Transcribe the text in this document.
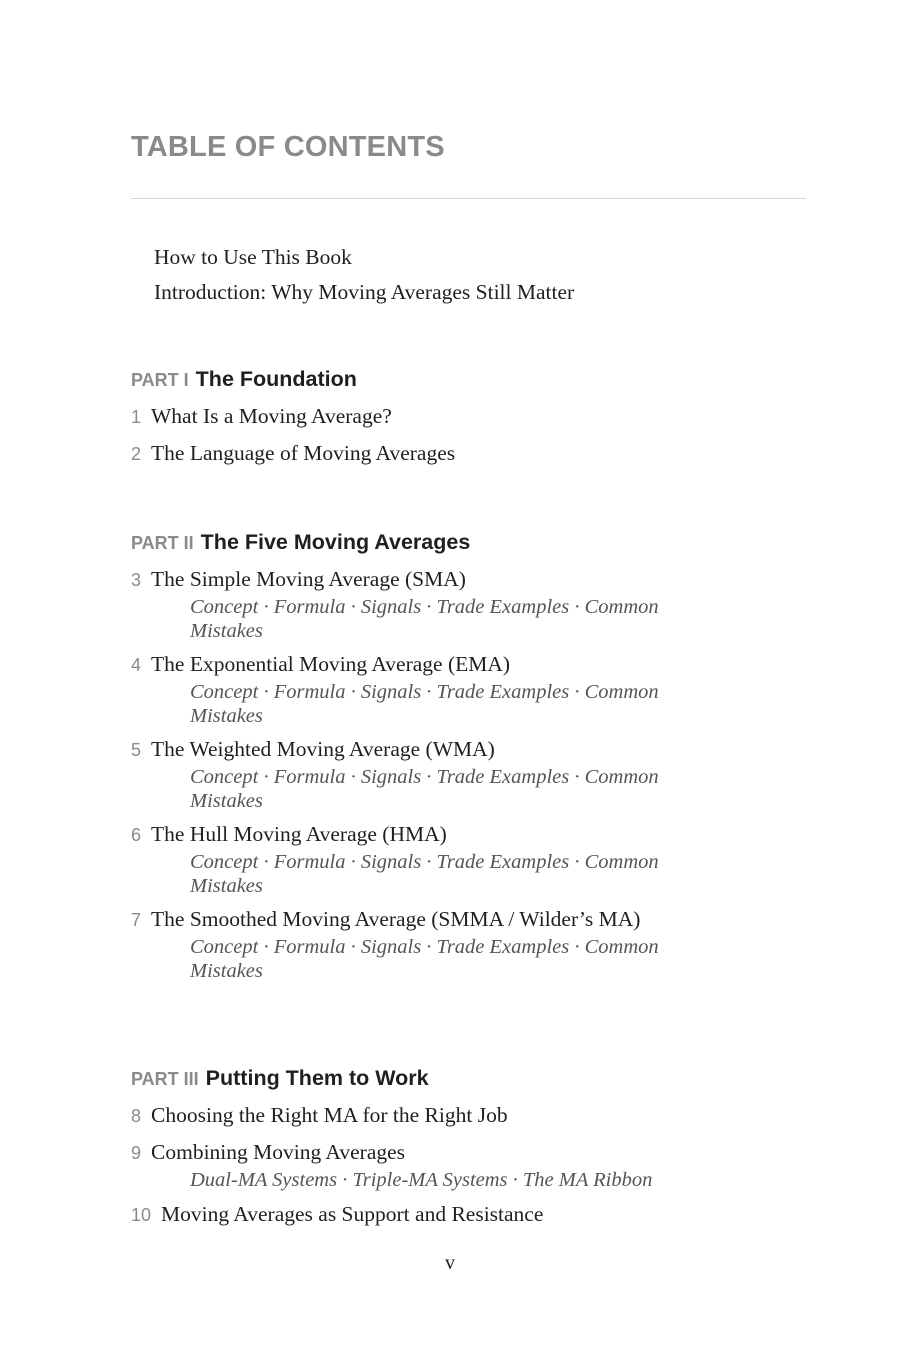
TABLE OF CONTENTS
How to Use This Book
Introduction: Why Moving Averages Still Matter
PART I The Foundation
1 What Is a Moving Average?
2 The Language of Moving Averages
PART II The Five Moving Averages
3 The Simple Moving Average (SMA)
Concept · Formula · Signals · Trade Examples · Common Mistakes
4 The Exponential Moving Average (EMA)
Concept · Formula · Signals · Trade Examples · Common Mistakes
5 The Weighted Moving Average (WMA)
Concept · Formula · Signals · Trade Examples · Common Mistakes
6 The Hull Moving Average (HMA)
Concept · Formula · Signals · Trade Examples · Common Mistakes
7 The Smoothed Moving Average (SMMA / Wilder’s MA)
Concept · Formula · Signals · Trade Examples · Common Mistakes
PART III Putting Them to Work
8 Choosing the Right MA for the Right Job
9 Combining Moving Averages
Dual-MA Systems · Triple-MA Systems · The MA Ribbon
10 Moving Averages as Support and Resistance
v
